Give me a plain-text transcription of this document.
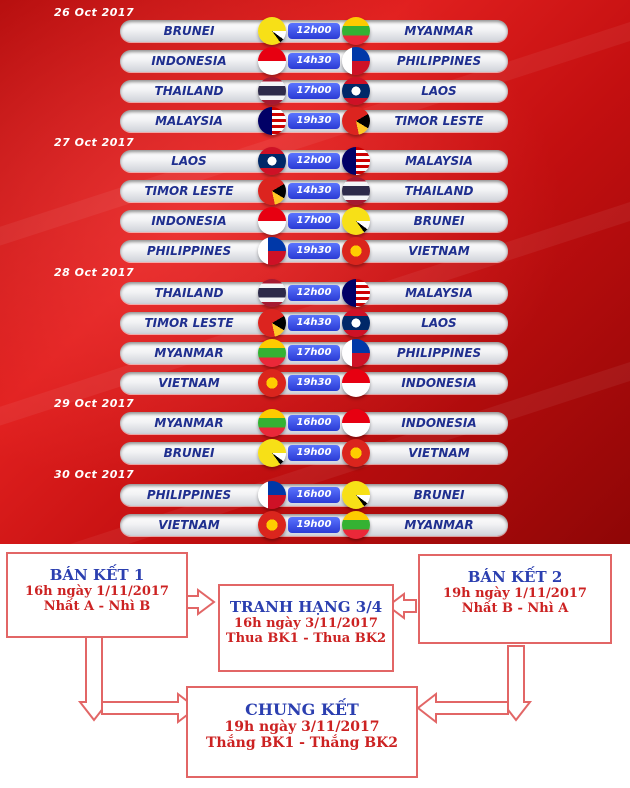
26 Oct 2017
BRUNEI	12h00	MYANMAR
INDONESIA	14h30	PHILIPPINES
THAILAND	17h00	LAOS
MALAYSIA	19h30	TIMOR LESTE
27 Oct 2017
LAOS	12h00	MALAYSIA
TIMOR LESTE	14h30	THAILAND
INDONESIA	17h00	BRUNEI
PHILIPPINES	19h30	VIETNAM
28 Oct 2017
THAILAND	12h00	MALAYSIA
TIMOR LESTE	14h30	LAOS
MYANMAR	17h00	PHILIPPINES
VIETNAM	19h30	INDONESIA
29 Oct 2017
MYANMAR	16h00	INDONESIA
BRUNEI	19h00	VIETNAM
30 Oct 2017
PHILIPPINES	16h00	BRUNEI
VIETNAM	19h00	MYANMAR
BÁN KẾT 1
16h ngày 1/11/2017
Nhất A - Nhì B	TRANH HẠNG 3/4
16h ngày 3/11/2017
Thua BK1 - Thua BK2
BÁN KẾT 2
19h ngày 1/11/2017
Nhất B - Nhì A
CHUNG KẾT
19h ngày 3/11/2017
Thắng BK1 - Thắng BK2
